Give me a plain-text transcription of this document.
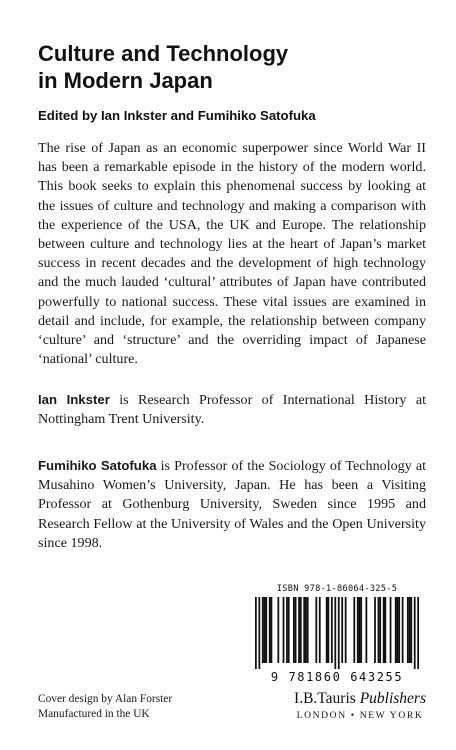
Culture and Technology
in Modern Japan
Edited by Ian Inkster and Fumihiko Satofuka

The rise of Japan as an economic superpower since World War II has been a remarkable episode in the history of the modern world. This book seeks to explain this phenomenal success by looking at the issues of culture and technology and making a comparison with the experience of the USA, the UK and Europe. The relationship between culture and technology lies at the heart of Japan’s market success in recent decades and the development of high technology and the much lauded ‘cultural’ attributes of Japan have contributed powerfully to national success. These vital issues are examined in detail and include, for example, the relationship between company ‘culture’ and ‘structure’ and the overriding impact of Japanese ‘national’ culture.

Ian Inkster is Research Professor of International History at Nottingham Trent University.

Fumihiko Satofuka is Professor of the Sociology of Technology at Musahino Women’s University, Japan. He has been a Visiting Professor at Gothenburg University, Sweden since 1995 and Research Fellow at the University of Wales and the Open University since 1998.

ISBN 978-1-86064-325-5
9 781860 643255
Cover design by Alan Forster
Manufactured in the UK
I.B.Tauris Publishers
LONDON • NEW YORK
